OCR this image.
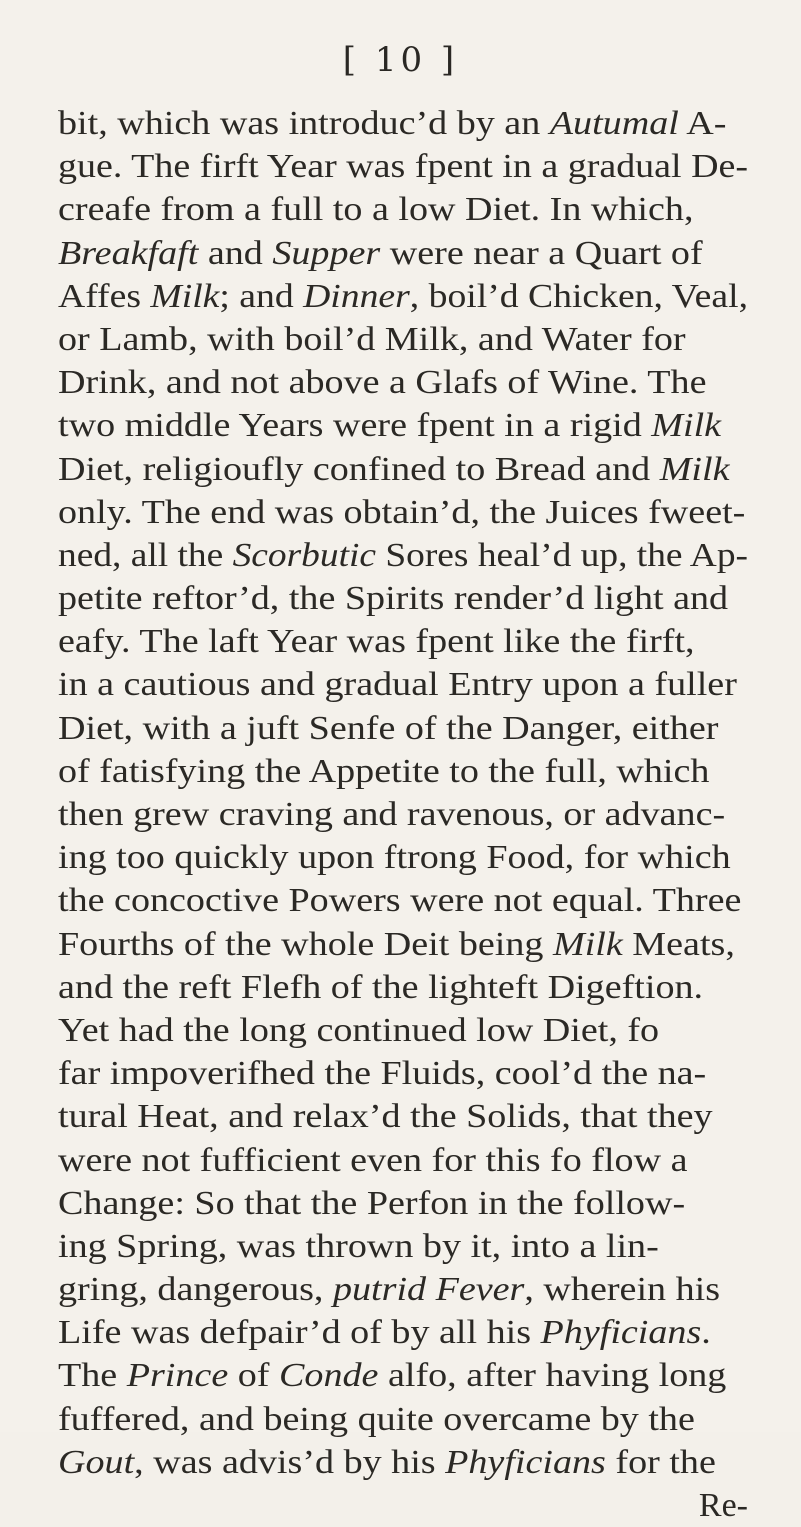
[ 10 ]
bit, which was introduc’d by an Autumal A-
gue. The firft Year was fpent in a gradual De-
creafe from a full to a low Diet. In which,
Breakfaft and Supper were near a Quart of
Affes Milk; and Dinner, boil’d Chicken, Veal,
or Lamb, with boil’d Milk, and Water for
Drink, and not above a Glafs of Wine. The
two middle Years were fpent in a rigid Milk
Diet, religioufly confined to Bread and Milk
only. The end was obtain’d, the Juices fweet-
ned, all the Scorbutic Sores heal’d up, the Ap-
petite reftor’d, the Spirits render’d light and
eafy. The laft Year was fpent like the firft,
in a cautious and gradual Entry upon a fuller
Diet, with a juft Senfe of the Danger, either
of fatisfying the Appetite to the full, which
then grew craving and ravenous, or advanc-
ing too quickly upon ftrong Food, for which
the concoctive Powers were not equal. Three
Fourths of the whole Deit being Milk Meats,
and the reft Flefh of the lighteft Digeftion.
Yet had the long continued low Diet, fo
far impoverifhed the Fluids, cool’d the na-
tural Heat, and relax’d the Solids, that they
were not fufficient even for this fo flow a
Change: So that the Perfon in the follow-
ing Spring, was thrown by it, into a lin-
gring, dangerous, putrid Fever, wherein his
Life was defpair’d of by all his Phyficians.
The Prince of Conde alfo, after having long
fuffered, and being quite overcame by the
Gout, was advis’d by his Phyficians for the
Re-
